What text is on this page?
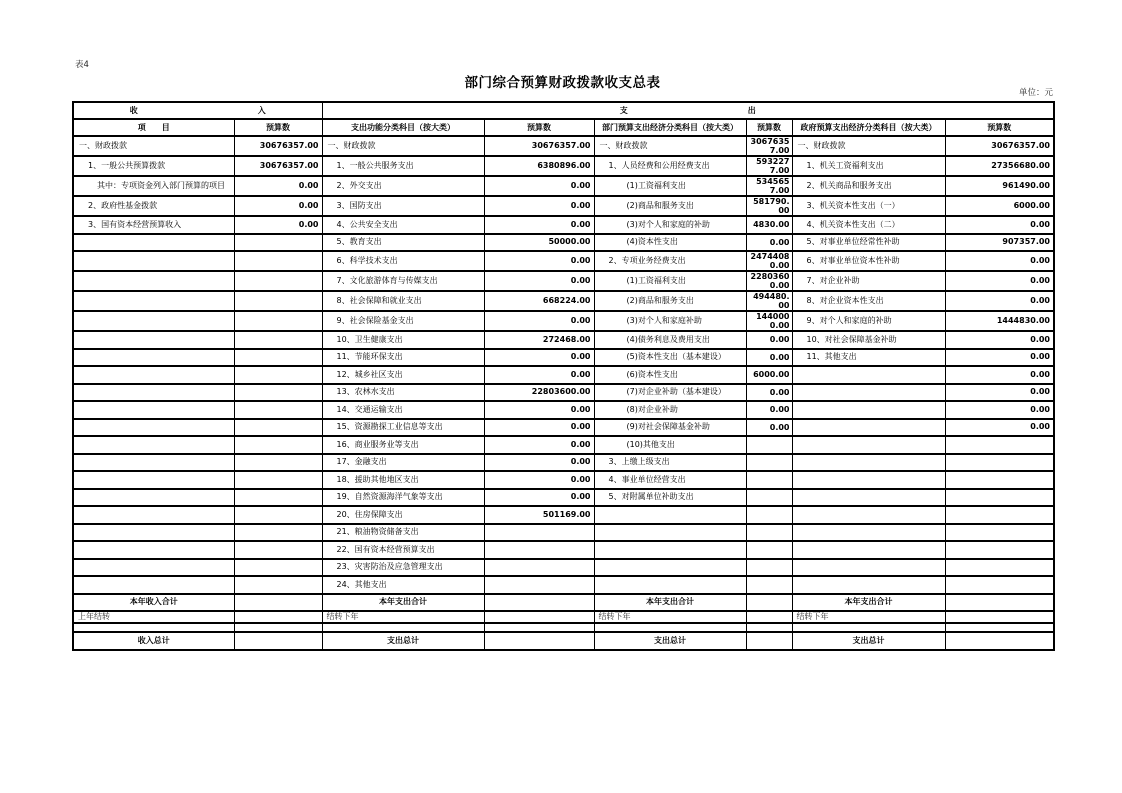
表4
部门综合预算财政拨款收支总表
单位：元
收　　　　　　　　　　　　　　　入		支　　　　　　　　　　　　　　　出					
项　　目	预算数	支出功能分类科目（按大类）	预算数	部门预算支出经济分类科目（按大类）	预算数	政府预算支出经济分类科目（按大类）	预算数
一、财政拨款	30676357.00	一、财政拨款	30676357.00	一、财政拨款	30676357.00	一、财政拨款	30676357.00
1、一般公共预算拨款	30676357.00	1、一般公共服务支出	6380896.00	1、人员经费和公用经费支出	5932277.00	1、机关工资福利支出	27356680.00
其中：专项资金列入部门预算的项目	0.00	2、外交支出	0.00	(1)工资福利支出	5345657.00	2、机关商品和服务支出	961490.00
2、政府性基金拨款	0.00	3、国防支出	0.00	(2)商品和服务支出	581790.00	3、机关资本性支出（一）	6000.00
3、国有资本经营预算收入	0.00	4、公共安全支出	0.00	(3)对个人和家庭的补助	4830.00	4、机关资本性支出（二）	0.00
		5、教育支出	50000.00	(4)资本性支出	0.00	5、对事业单位经常性补助	907357.00
		6、科学技术支出	0.00	2、专项业务经费支出	24744080.00	6、对事业单位资本性补助	0.00
		7、文化旅游体育与传媒支出	0.00	(1)工资福利支出	22803600.00	7、对企业补助	0.00
		8、社会保障和就业支出	668224.00	(2)商品和服务支出	494480.00	8、对企业资本性支出	0.00
		9、社会保险基金支出	0.00	(3)对个人和家庭补助	1440000.00	9、对个人和家庭的补助	1444830.00
		10、卫生健康支出	272468.00	(4)债务利息及费用支出	0.00	10、对社会保障基金补助	0.00
		11、节能环保支出	0.00	(5)资本性支出（基本建设）	0.00	11、其他支出	0.00
		12、城乡社区支出	0.00	(6)资本性支出	6000.00		0.00
		13、农林水支出	22803600.00	(7)对企业补助（基本建设）	0.00		0.00
		14、交通运输支出	0.00	(8)对企业补助	0.00		0.00
		15、资源勘探工业信息等支出	0.00	(9)对社会保障基金补助	0.00		0.00
		16、商业服务业等支出	0.00	(10)其他支出			
		17、金融支出	0.00	3、上缴上级支出			
		18、援助其他地区支出	0.00	4、事业单位经营支出			
		19、自然资源海洋气象等支出	0.00	5、对附属单位补助支出			
		20、住房保障支出	501169.00				
		21、粮油物资储备支出					
		22、国有资本经营预算支出					
		23、灾害防治及应急管理支出					
		24、其他支出					
本年收入合计		本年支出合计		本年支出合计		本年支出合计	
上年结转		结转下年		结转下年		结转下年	

收入总计		支出总计		支出总计		支出总计	
